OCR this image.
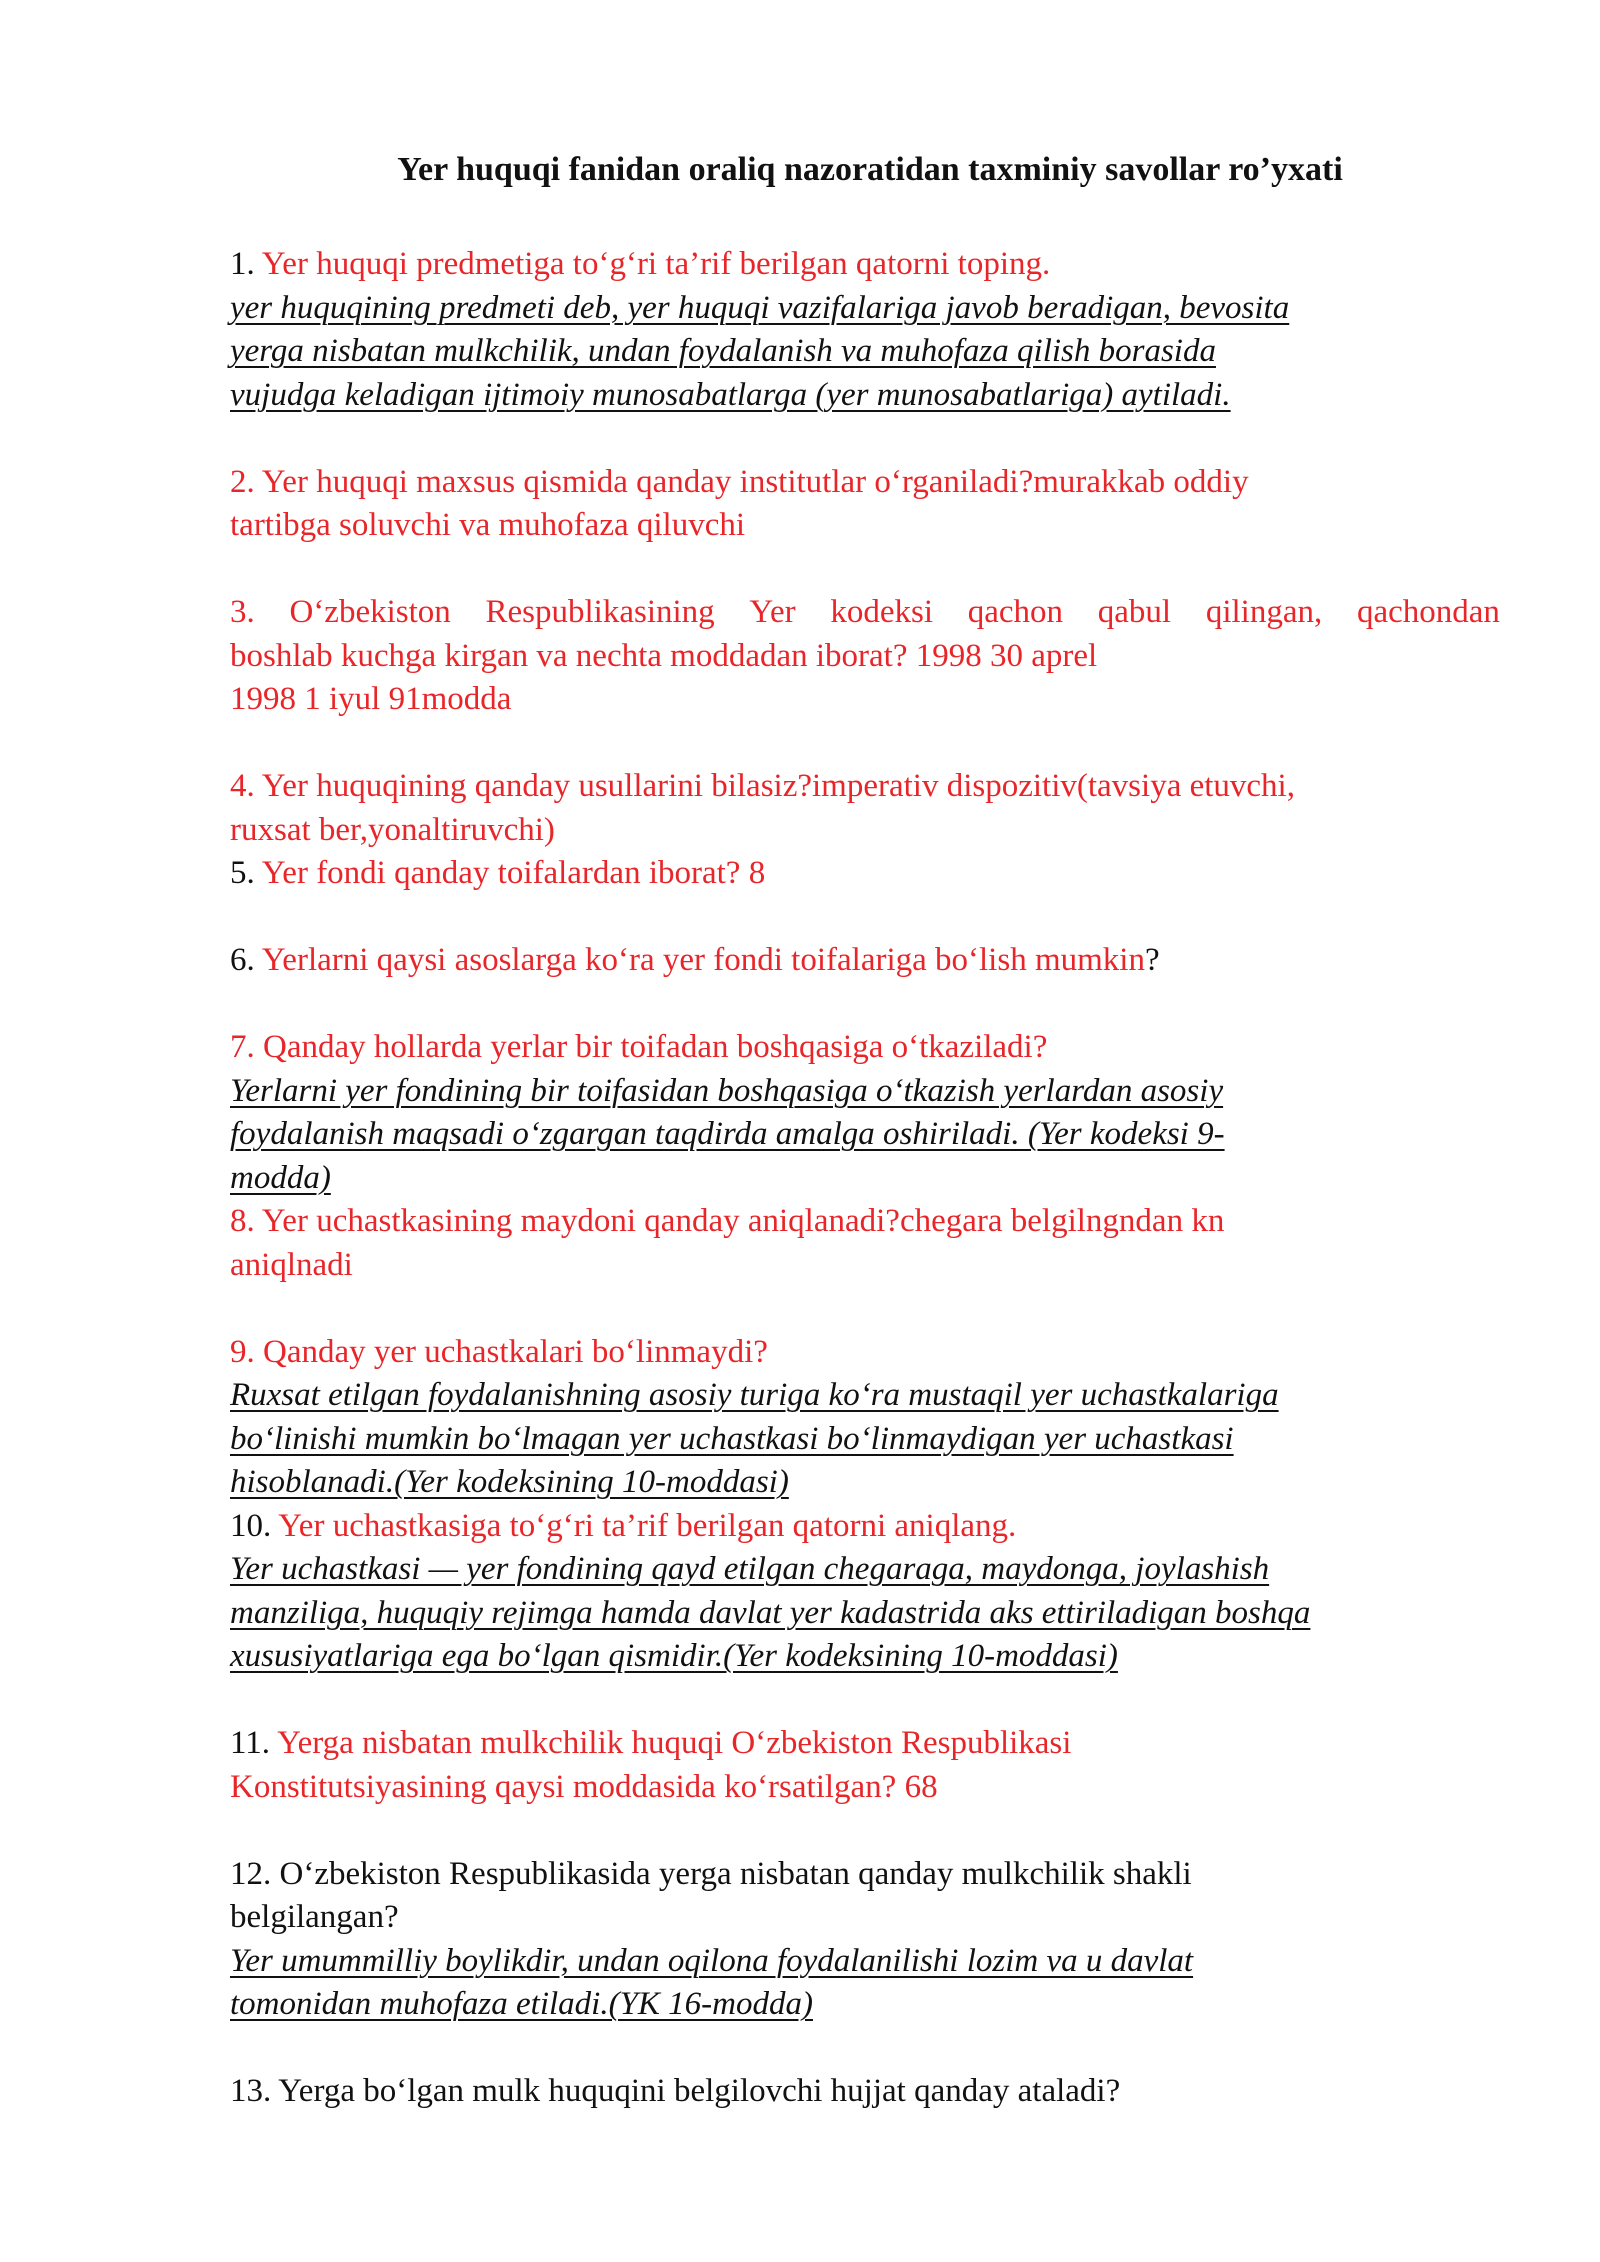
Yer huquqi fanidan oraliq nazoratidan taxminiy savollar ro’yxati
1. Yer huquqi predmetiga to‘g‘ri ta’rif berilgan qatorni toping.
yer huquqining predmeti deb, yer huquqi vazifalariga javob beradigan, bevosita
yerga nisbatan mulkchilik, undan foydalanish va muhofaza qilish borasida
vujudga keladigan ijtimoiy munosabatlarga (yer munosabatlariga) aytiladi.
2. Yer huquqi maxsus qismida qanday institutlar o‘rganiladi?murakkab oddiy
tartibga soluvchi va muhofaza qiluvchi
3. O‘zbekiston Respublikasining Yer kodeksi qachon qabul qilingan, qachondan
boshlab kuchga kirgan va nechta moddadan iborat? 1998 30 aprel
1998 1 iyul 91modda
4. Yer huquqining qanday usullarini bilasiz?imperativ dispozitiv(tavsiya etuvchi,
ruxsat ber,yonaltiruvchi)
5. Yer fondi qanday toifalardan iborat? 8
6. Yerlarni qaysi asoslarga ko‘ra yer fondi toifalariga bo‘lish mumkin?
7. Qanday hollarda yerlar bir toifadan boshqasiga o‘tkaziladi?
Yerlarni yer fondining bir toifasidan boshqasiga o‘tkazish yerlardan asosiy
foydalanish maqsadi o‘zgargan taqdirda amalga oshiriladi. (Yer kodeksi 9-
modda)
8. Yer uchastkasining maydoni qanday aniqlanadi?chegara belgilngndan kn
aniqlnadi
9. Qanday yer uchastkalari bo‘linmaydi?
Ruxsat etilgan foydalanishning asosiy turiga ko‘ra mustaqil yer uchastkalariga
bo‘linishi mumkin bo‘lmagan yer uchastkasi bo‘linmaydigan yer uchastkasi
hisoblanadi.(Yer kodeksining 10-moddasi)
10. Yer uchastkasiga to‘g‘ri ta’rif berilgan qatorni aniqlang.
Yer uchastkasi — yer fondining qayd etilgan chegaraga, maydonga, joylashish
manziliga, huquqiy rejimga hamda davlat yer kadastrida aks ettiriladigan boshqa
xususiyatlariga ega bo‘lgan qismidir.(Yer kodeksining 10-moddasi)
11. Yerga nisbatan mulkchilik huquqi O‘zbekiston Respublikasi
Konstitutsiyasining qaysi moddasida ko‘rsatilgan? 68
12. O‘zbekiston Respublikasida yerga nisbatan qanday mulkchilik shakli
belgilangan?
Yer umummilliy boylikdir, undan oqilona foydalanilishi lozim va u davlat
tomonidan muhofaza etiladi.(YK 16-modda)
13. Yerga bo‘lgan mulk huquqini belgilovchi hujjat qanday ataladi?
